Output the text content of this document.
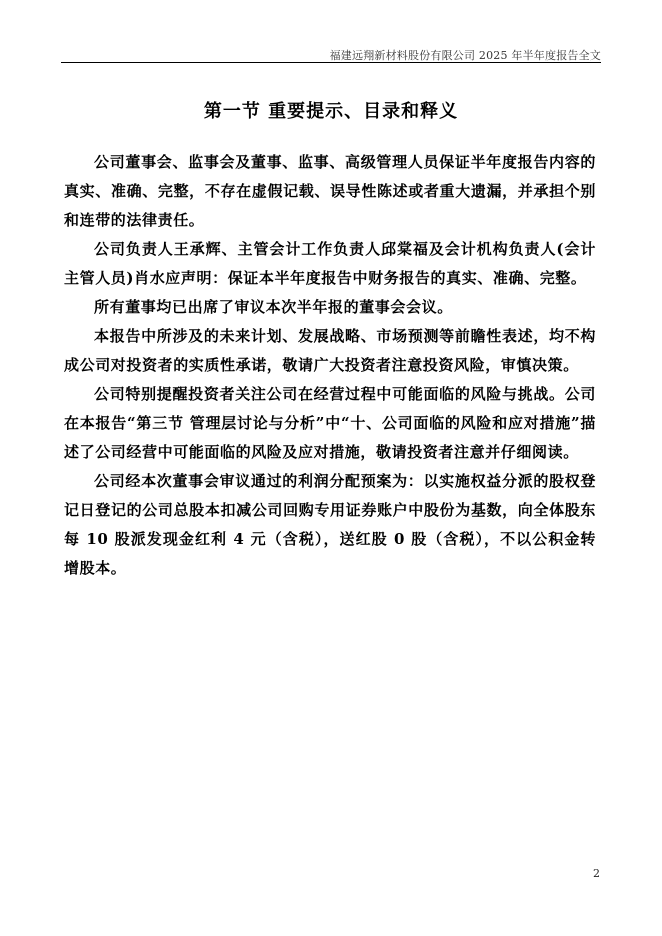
福建远翔新材料股份有限公司 2025 年半年度报告全文
第一节 重要提示、目录和释义

公司董事会、监事会及董事、监事、高级管理人员保证半年度报告内容的真实、准确、完整，不存在虚假记载、误导性陈述或者重大遗漏，并承担个别和连带的法律责任。

公司负责人王承辉、主管会计工作负责人邱棠福及会计机构负责人(会计主管人员)肖水应声明：保证本半年度报告中财务报告的真实、准确、完整。

所有董事均已出席了审议本次半年报的董事会会议。

本报告中所涉及的未来计划、发展战略、市场预测等前瞻性表述，均不构成公司对投资者的实质性承诺，敬请广大投资者注意投资风险，审慎决策。

公司特别提醒投资者关注公司在经营过程中可能面临的风险与挑战。公司在本报告“第三节 管理层讨论与分析”中“十、公司面临的风险和应对措施”描述了公司经营中可能面临的风险及应对措施，敬请投资者注意并仔细阅读。

公司经本次董事会审议通过的利润分配预案为：以实施权益分派的股权登记日登记的公司总股本扣减公司回购专用证券账户中股份为基数，向全体股东每 10 股派发现金红利 4 元（含税），送红股 0 股（含税），不以公积金转增股本。

2
